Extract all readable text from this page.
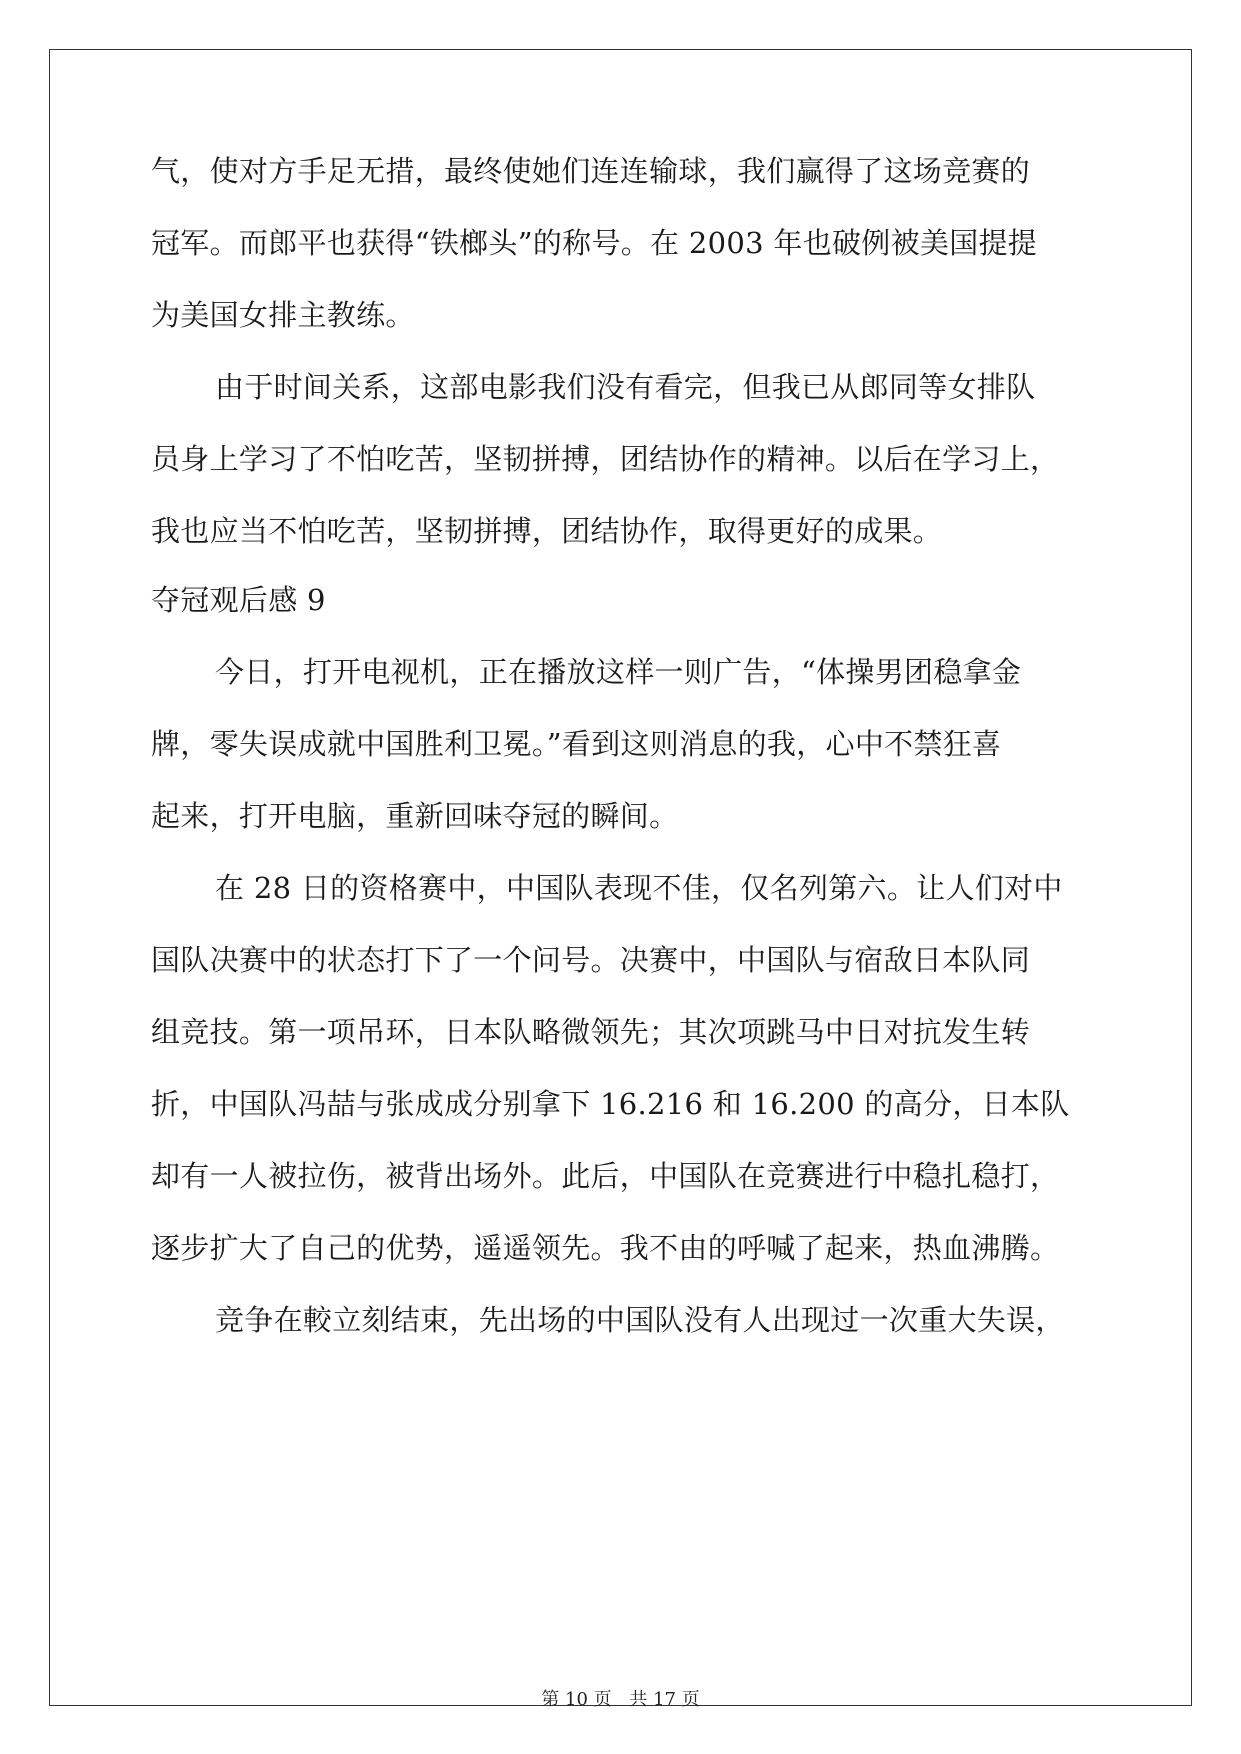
气，使对方手足无措，最终使她们连连输球，我们赢得了这场竞赛的
冠军。而郎平也获得“铁榔头”的称号。在 2003 年也破例被美国提提
为美国女排主教练。
由于时间关系，这部电影我们没有看完，但我已从郎同等女排队
员身上学习了不怕吃苦，坚韧拼搏，团结协作的精神。以后在学习上，
我也应当不怕吃苦，坚韧拼搏，团结协作，取得更好的成果。
夺冠观后感 9
今日，打开电视机，正在播放这样一则广告，“体操男团稳拿金
牌，零失误成就中国胜利卫冕。”看到这则消息的我，心中不禁狂喜
起来，打开电脑，重新回味夺冠的瞬间。
在 28 日的资格赛中，中国队表现不佳，仅名列第六。让人们对中
国队决赛中的状态打下了一个问号。决赛中，中国队与宿敌日本队同
组竞技。第一项吊环，日本队略微领先；其次项跳马中日对抗发生转
折，中国队冯喆与张成成分别拿下 16.216 和 16.200 的高分，日本队
却有一人被拉伤，被背出场外。此后，中国队在竞赛进行中稳扎稳打，
逐步扩大了自己的优势，遥遥领先。我不由的呼喊了起来，热血沸腾。
竞争在較立刻结束，先出场的中国队没有人出现过一次重大失误，
第 10 页 共 17 页
